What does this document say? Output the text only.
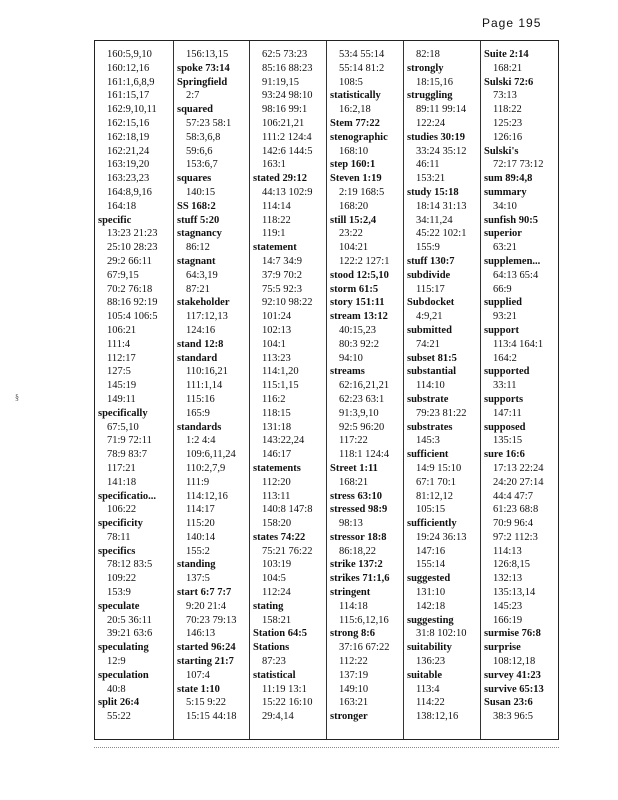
Page 195
§
160:5,9,10
160:12,16
161:1,6,8,9
161:15,17
162:9,10,11
162:15,16
162:18,19
162:21,24
163:19,20
163:23,23
164:8,9,16
164:18
specific
13:23 21:23
25:10 28:23
29:2 66:11
67:9,15
70:2 76:18
88:16 92:19
105:4 106:5
106:21
111:4
112:17
127:5
145:19
149:11
specifically
67:5,10
71:9 72:11
78:9 83:7
117:21
141:18
specificatio...
106:22
specificity
78:11
specifics
78:12 83:5
109:22
153:9
speculate
20:5 36:11
39:21 63:6
speculating
12:9
speculation
40:8
split 26:4
55:22
156:13,15
spoke 73:14
Springfield
2:7
squared
57:23 58:1
58:3,6,8
59:6,6
153:6,7
squares
140:15
SS 168:2
stuff 5:20
stagnancy
86:12
stagnant
64:3,19
87:21
stakeholder
117:12,13
124:16
stand 12:8
standard
110:16,21
111:1,14
115:16
165:9
standards
1:2 4:4
109:6,11,24
110:2,7,9
111:9
114:12,16
114:17
115:20
140:14
155:2
standing
137:5
start 6:7 7:7
9:20 21:4
70:23 79:13
146:13
started 96:24
starting 21:7
107:4
state 1:10
5:15 9:22
15:15 44:18
62:5 73:23
85:16 88:23
91:19,15
93:24 98:10
98:16 99:1
106:21,21
111:2 124:4
142:6 144:5
163:1
stated 29:12
44:13 102:9
114:14
118:22
119:1
statement
14:7 34:9
37:9 70:2
75:5 92:3
92:10 98:22
101:24
102:13
104:1
113:23
114:1,20
115:1,15
116:2
118:15
131:18
143:22,24
146:17
statements
112:20
113:11
140:8 147:8
158:20
states 74:22
75:21 76:22
103:19
104:5
112:24
stating
158:21
Station 64:5
Stations
87:23
statistical
11:19 13:1
15:22 16:10
29:4,14
53:4 55:14
55:14 81:2
108:5
statistically
16:2,18
Stem 77:22
stenographic
168:10
step 160:1
Steven 1:19
2:19 168:5
168:20
still 15:2,4
23:22
104:21
122:2 127:1
stood 12:5,10
storm 61:5
story 151:11
stream 13:12
40:15,23
80:3 92:2
94:10
streams
62:16,21,21
62:23 63:1
91:3,9,10
92:5 96:20
117:22
118:1 124:4
Street 1:11
168:21
stress 63:10
stressed 98:9
98:13
stressor 18:8
86:18,22
strike 137:2
strikes 71:1,6
stringent
114:18
115:6,12,16
strong 8:6
37:16 67:22
112:22
137:19
149:10
163:21
stronger
82:18
strongly
18:15,16
struggling
89:11 99:14
122:24
studies 30:19
33:24 35:12
46:11
153:21
study 15:18
18:14 31:13
34:11,24
45:22 102:1
155:9
stuff 130:7
subdivide
115:17
Subdocket
4:9,21
submitted
74:21
subset 81:5
substantial
114:10
substrate
79:23 81:22
substrates
145:3
sufficient
14:9 15:10
67:1 70:1
81:12,12
105:15
sufficiently
19:24 36:13
147:16
155:14
suggested
131:10
142:18
suggesting
31:8 102:10
suitability
136:23
suitable
113:4
114:22
138:12,16
Suite 2:14
168:21
Sulski 72:6
73:13
118:22
125:23
126:16
Sulski's
72:17 73:12
sum 89:4,8
summary
34:10
sunfish 90:5
superior
63:21
supplemen...
64:13 65:4
66:9
supplied
93:21
support
113:4 164:1
164:2
supported
33:11
supports
147:11
supposed
135:15
sure 16:6
17:13 22:24
24:20 27:14
44:4 47:7
61:23 68:8
70:9 96:4
97:2 112:3
114:13
126:8,15
132:13
135:13,14
145:23
166:19
surmise 76:8
surprise
108:12,18
survey 41:23
survive 65:13
Susan 23:6
38:3 96:5
